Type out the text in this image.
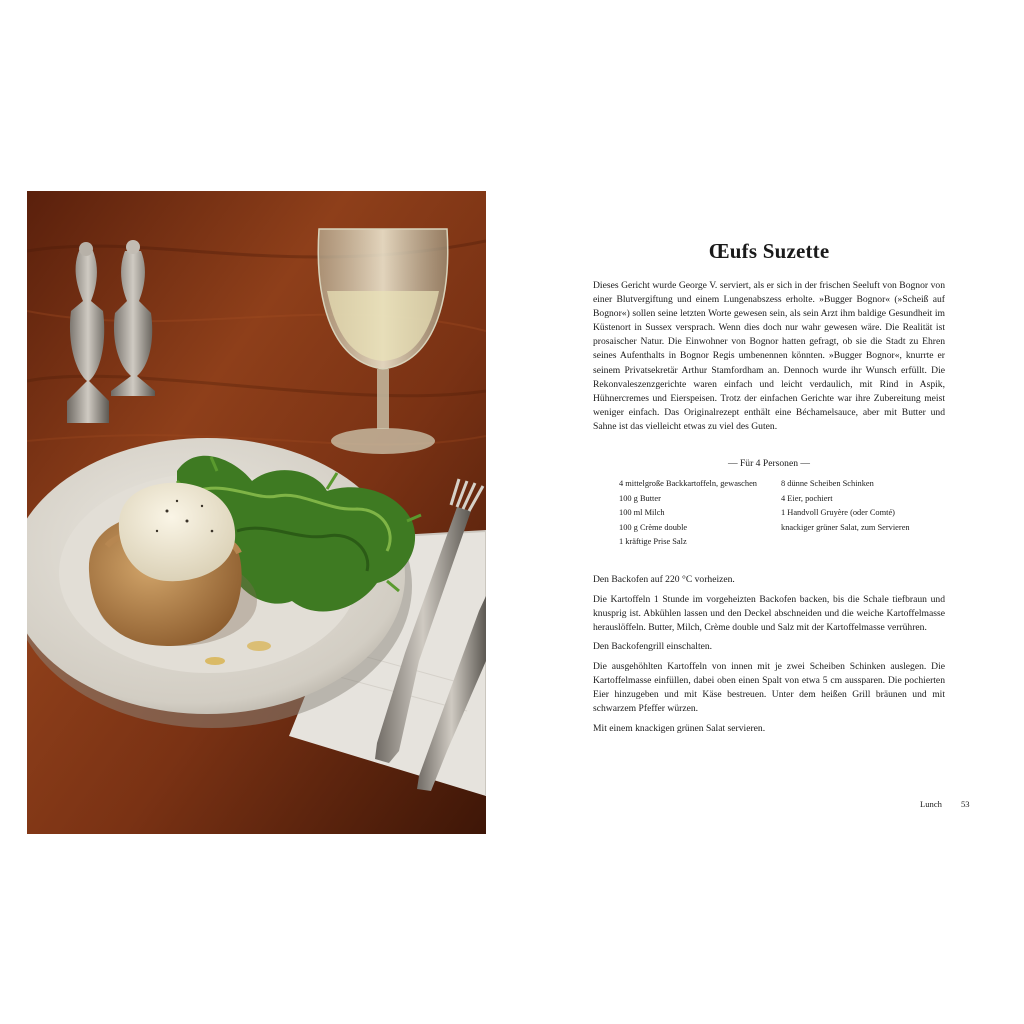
Œufs Suzette

Dieses Gericht wurde George V. serviert, als er sich in der frischen Seeluft von Bognor von einer Blutvergiftung und einem Lungenabszess erholte. »Bugger Bognor« (»Scheiß auf Bognor«) sollen seine letzten Worte gewesen sein, als sein Arzt ihm baldige Gesundheit im Küstenort in Sussex versprach. Wenn dies doch nur wahr gewesen wäre. Die Realität ist prosaischer Natur. Die Einwohner von Bognor hatten gefragt, ob sie die Stadt zu Ehren seines Aufenthalts in Bognor Regis umbenennen könnten. »Bugger Bognor«, knurrte er seinem Privatsekretär Arthur Stamfordham an. Dennoch wurde ihr Wunsch erfüllt. Die Rekonvaleszenzgerichte waren einfach und leicht verdaulich, mit Rind in Aspik, Hühnercremes und Eierspeisen. Trotz der einfachen Gerichte war ihre Zubereitung meist weniger einfach. Das Originalrezept enthält eine Béchamelsauce, aber mit Butter und Sahne ist das vielleicht etwas zu viel des Guten.

— Für 4 Personen —
4 mittelgroße Backkartoffeln, gewaschen
100 g Butter
100 ml Milch
100 g Crème double
1 kräftige Prise Salz
8 dünne Scheiben Schinken
4 Eier, pochiert
1 Handvoll Gruyère (oder Comté)
knackiger grüner Salat, zum Servieren

Den Backofen auf 220 °C vorheizen.

Die Kartoffeln 1 Stunde im vorgeheizten Backofen backen, bis die Schale tiefbraun und knusprig ist. Abkühlen lassen und den Deckel abschneiden und die weiche Kartoffelmasse herauslöffeln. Butter, Milch, Crème double und Salz mit der Kartoffelmasse verrühren.

Den Backofengrill einschalten.

Die ausgehöhlten Kartoffeln von innen mit je zwei Scheiben Schinken auslegen. Die Kartoffelmasse einfüllen, dabei oben einen Spalt von etwa 5 cm aussparen. Die pochierten Eier hinzugeben und mit Käse bestreuen. Unter dem heißen Grill bräunen und mit schwarzem Pfeffer würzen.

Mit einem knackigen grünen Salat servieren.

Lunch 53
